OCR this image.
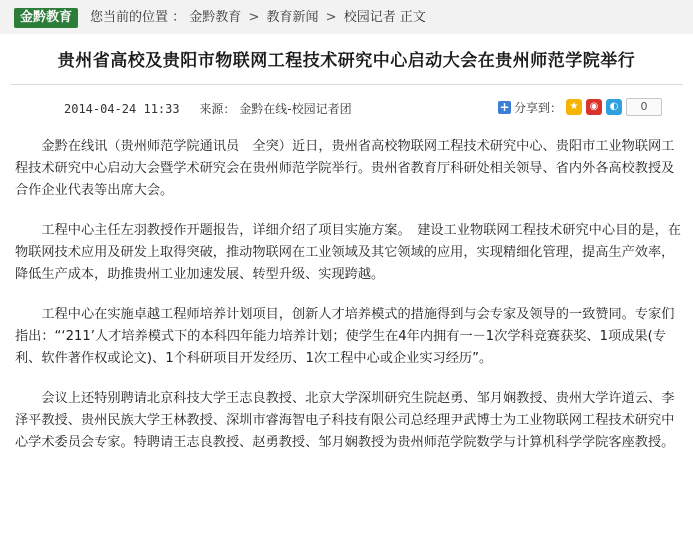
金黔教育	您当前的位置 ： 金黔教育 > 教育新闻 > 校园记者 正文
贵州省高校及贵阳市物联网工程技术研究中心启动大会在贵州师范学院举行
2014-04-24 11:33 来源： 金黔在线-校园记者团	+ 分享到： ★	◉	◐	0

金黔在线讯（贵州师范学院通讯员　全突）近日，贵州省高校物联网工程技术研究中心、贵阳市工业物联网工程技术研究中心启动大会暨学术研究会在贵州师范学院举行。贵州省教育厅科研处相关领导、省内外各高校教授及合作企业代表等出席大会。

工程中心主任左羽教授作开题报告，详细介绍了项目实施方案。　建设工业物联网工程技术研究中心目的是，在物联网技术应用及研发上取得突破，推动物联网在工业领域及其它领域的应用，实现精细化管理，提高生产效率，降低生产成本，助推贵州工业加速发展、转型升级、实现跨越。

工程中心在实施卓越工程师培养计划项目，创新人才培养模式的措施得到与会专家及领导的一致赞同。专家们指出：“‘211’人才培养模式下的本科四年能力培养计划；使学生在4年内拥有一－1次学科竞赛获奖、1项成果(专利、软件著作权或论文)、1个科研项目开发经历、1次工程中心或企业实习经历”。

会议上还特别聘请北京科技大学王志良教授、北京大学深圳研究生院赵勇、邹月娴教授、贵州大学许道云、李泽平教授、贵州民族大学王林教授、深圳市睿海智电子科技有限公司总经理尹武博士为工业物联网工程技术研究中心学术委员会专家。特聘请王志良教授、赵勇教授、邹月娴教授为贵州师范学院数学与计算机科学学院客座教授。
